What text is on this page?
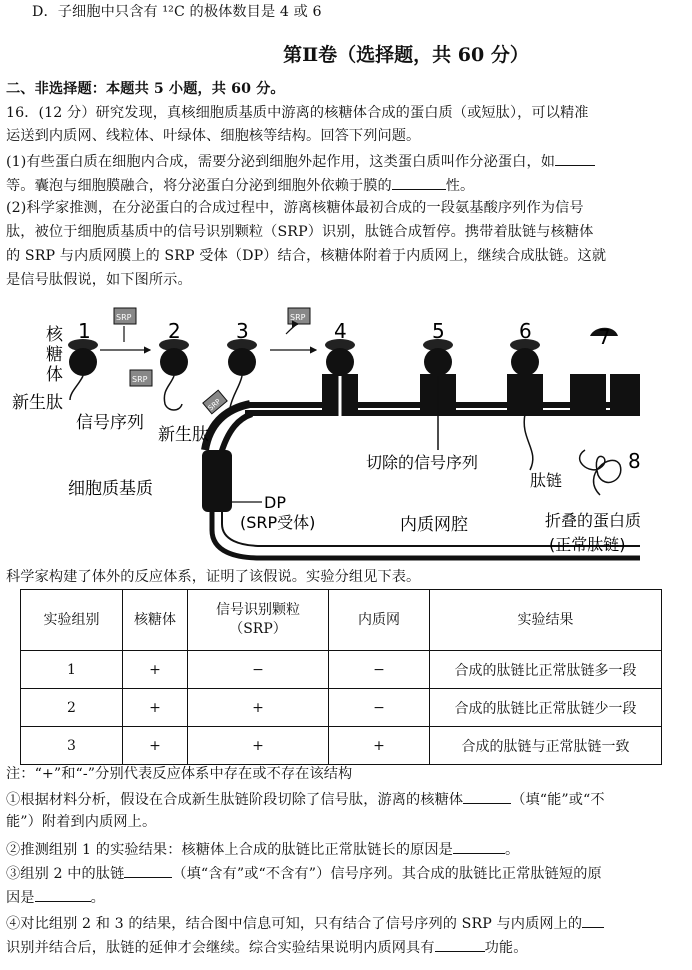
D．子细胞中只含有 ¹²C 的极体数目是 4 或 6
第Ⅱ卷（选择题，共 60 分）
二、非选择题：本题共 5 小题，共 60 分。
16．(12 分）研究发现，真核细胞质基质中游离的核糖体合成的蛋白质（或短肽），可以精准
运送到内质网、线粒体、叶绿体、细胞核等结构。回答下列问题。
(1)有些蛋白质在细胞内合成，需要分泌到细胞外起作用，这类蛋白质叫作分泌蛋白，如
等。囊泡与细胞膜融合，将分泌蛋白分泌到细胞外依赖于膜的	性。
(2)科学家推测，在分泌蛋白的合成过程中，游离核糖体最初合成的一段氨基酸序列作为信号
肽，被位于细胞质基质中的信号识别颗粒（SRP）识别，肽链合成暂停。携带着肽链与核糖体
的 SRP 与内质网膜上的 SRP 受体（DP）结合，核糖体附着于内质网上，继续合成肽链。这就
是信号肽假说，如下图所示。
SRP
SRP
SRP
SRP
1	2	3	4	5	6	7
8
核
糖
体
新生肽
信号序列
新生肽
切除的信号序列
肽链
细胞质基质
DP
(SRP受体)	内质网腔	折叠的蛋白质
(正常肽链)
科学家构建了体外的反应体系，证明了该假说。实验分组见下表。
实验组别	核糖体	信号识别颗粒
（SRP）	内质网	实验结果
1	+	−	−	合成的肽链比正常肽链多一段
2	+	+	−	合成的肽链比正常肽链少一段
3	+	+	+	合成的肽链与正常肽链一致
注：“+”和“-”分别代表反应体系中存在或不存在该结构
①根据材料分析，假设在合成新生肽链阶段切除了信号肽，游离的核糖体	（填“能”或“不
能”）附着到内质网上。
②推测组别 1 的实验结果：核糖体上合成的肽链比正常肽链长的原因是	。
③组别 2 中的肽链	（填“含有”或“不含有”）信号序列。其合成的肽链比正常肽链短的原
因是	。
④对比组别 2 和 3 的结果，结合图中信息可知，只有结合了信号序列的 SRP 与内质网上的
识别并结合后，肽链的延伸才会继续。综合实验结果说明内质网具有	功能。
